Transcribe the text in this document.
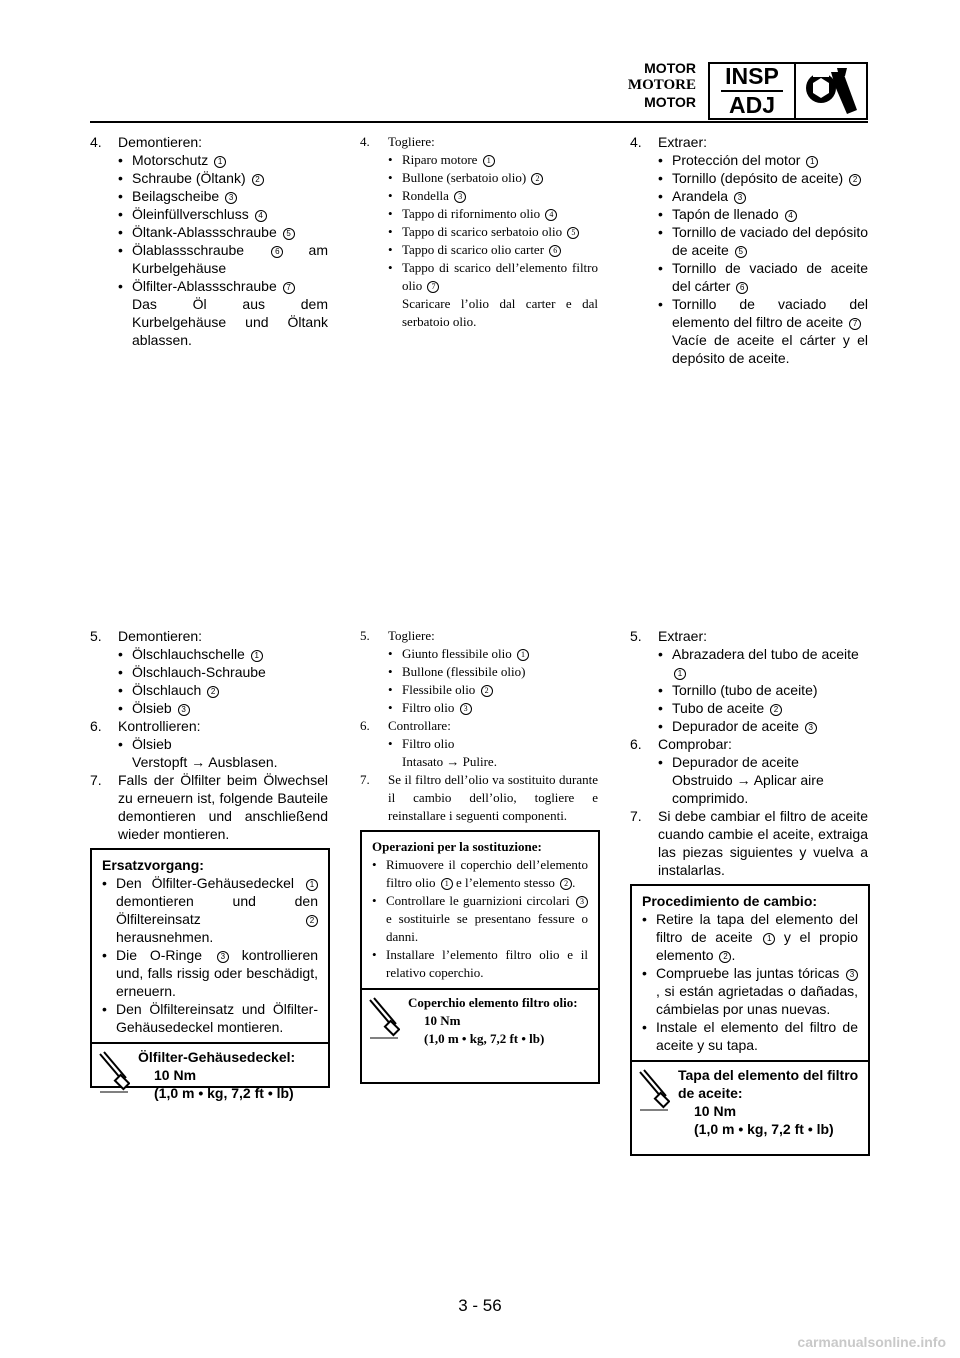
MOTOR
MOTORE
MOTOR
INSP
ADJ
4.	Demontieren:
• Motorschutz 1
• Schraube (Öltank) 2
• Beilagscheibe 3
• Öleinfüllverschluss 4
• Öltank-Ablassschraube 5
• Ölablassschraube	6 am Kurbelgehäuse
• Ölfilter-Ablassschraube 7
Das Öl aus dem Kurbelgehäuse und Öltank ablassen.
4.	Togliere:
• Riparo motore 1
• Bullone (serbatoio olio) 2
• Rondella 3
• Tappo di rifornimento olio 4
• Tappo di scarico serbatoio olio 5
• Tappo di scarico olio carter 6
• Tappo di scarico dell’elemento filtro olio 7
Scaricare l’olio dal carter e dal serbatoio olio.
4.	Extraer:
• Protección del motor 1
• Tornillo (depósito de aceite) 2
• Arandela 3
• Tapón de llenado 4
• Tornillo de vaciado del depósito de aceite 5
• Tornillo de vaciado de aceite del cárter 6
• Tornillo de vaciado del elemento del filtro de aceite 7
Vacíe de aceite el cárter y el depósito de aceite.
5.	Demontieren:
• Ölschlauchschelle 1
• Ölschlauch-Schraube
• Ölschlauch 2
• Ölsieb 3
6.	Kontrollieren:
• Ölsieb
Verstopft → Ausblasen.
7.	Falls der Ölfilter beim Ölwechsel zu erneuern ist, folgende Bauteile demontieren und anschließend wieder montieren.
Ersatzvorgang:
• Den Ölfilter-Gehäusedeckel 1 demontieren und den Ölfiltereinsatz	2 herausnehmen.
• Die O-Ringe 3 kontrollieren und, falls rissig oder beschädigt, erneuern.
• Den Ölfiltereinsatz und Ölfilter-Gehäusedeckel montieren.
Ölfilter-Gehäusedeckel:
10 Nm
(1,0 m • kg, 7,2 ft • lb)
5.	Togliere:
• Giunto flessibile olio 1
• Bullone (flessibile olio)
• Flessibile olio 2
• Filtro olio 3
6.	Controllare:
• Filtro olio
Intasato → Pulire.
7.	Se il filtro dell’olio va sostituito durante il cambio dell’olio, togliere e reinstallare i seguenti componenti.
Operazioni per la sostituzione:
• Rimuovere il coperchio dell’elemento filtro olio 1 e l’elemento stesso 2 .
• Controllare le guarnizioni circolari 3 e sostituirle se presentano fessure o danni.
• Installare l’elemento filtro olio e il relativo coperchio.
Coperchio elemento filtro olio:
10 Nm
(1,0 m • kg, 7,2 ft • lb)
5.	Extraer:
• Abrazadera del tubo de aceite 1
• Tornillo (tubo de aceite)
• Tubo de aceite 2
• Depurador de aceite 3
6.	Comprobar:
• Depurador de aceite
Obstruido → Aplicar aire comprimido.
7.	Si debe cambiar el filtro de aceite cuando cambie el aceite, extraiga las piezas siguientes y vuelva a instalarlas.
Procedimiento de cambio:
• Retire la tapa del elemento del filtro de aceite 1 y el propio elemento 2 .
• Compruebe las juntas tóricas 3, si están agrietadas o dañadas, cámbielas por unas nuevas.
• Instale el elemento del filtro de aceite y su tapa.
Tapa del elemento del filtro de aceite:
10 Nm
(1,0 m • kg, 7,2 ft • lb)
3 - 56
carmanualsonline.info
